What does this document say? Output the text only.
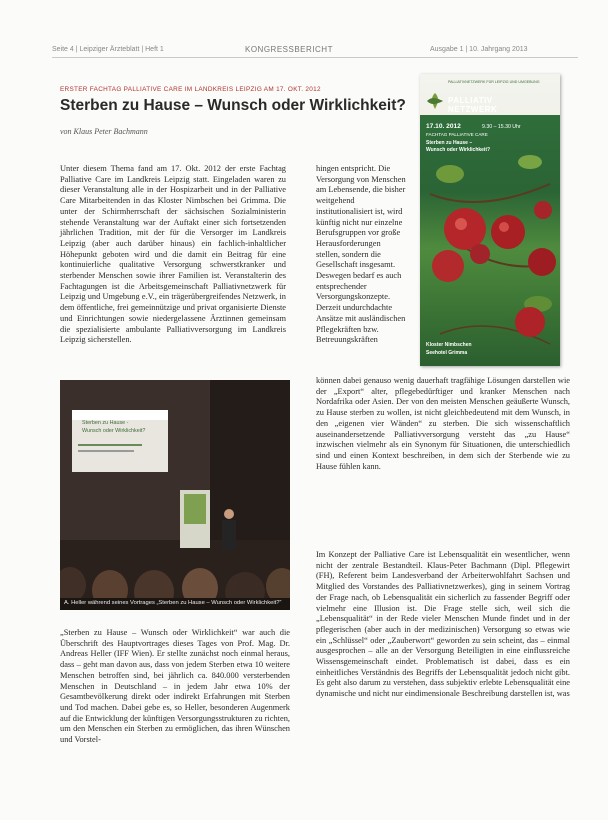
Seite 4 | Leipziger Ärzteblatt | Heft 1	KONGRESSBERICHT	Ausgabe 1 | 10. Jahrgang 2013
ERSTER FACHTAG PALLIATIVE CARE IM LANDKREIS LEIPZIG AM 17. OKT. 2012
Sterben zu Hause – Wunsch oder Wirklichkeit?
von Klaus Peter Bachmann

Unter diesem Thema fand am 17. Okt. 2012 der erste Fachtag Palliative Care im Landkreis Leipzig statt. Eingeladen waren zu dieser Veranstaltung alle in der Hospizarbeit und in der Palliative Care Mitarbeitenden in das Kloster Nimbschen bei Grimma. Die unter der Schirmherrschaft der sächsischen Sozialministerin stehende Veranstaltung war der Auftakt einer sich fortsetzenden jährlichen Tradition, mit der für die Versorger im Landkreis Leipzig (aber auch darüber hinaus) ein fachlich-inhaltlicher Höhepunkt geboten wird und die damit ein Beitrag für eine kontinuierliche qualitative Versorgung schwerstkranker und sterbender Menschen sowie ihrer Familien ist. Veranstalterin des Fachtagungen ist die Arbeitsgemeinschaft Palliativnetzwerk für Leipzig und Umgebung e.V., ein trägerübergreifendes Netzwerk, in dem öffentliche, frei gemeinnützige und privat organisierte Dienste und Einrichtungen sowie niedergelassene Ärztinnen gemeinsam die spezialisierte ambulante Palliativversorgung im Landkreis Leipzig sicherstellen.

hingen entspricht. Die Versorgung von Menschen am Lebensende, die bisher weitgehend institutionalisiert ist, wird künftig nicht nur einzelne Berufsgruppen vor große Herausforderungen stellen, sondern die Gesellschaft insgesamt. Deswegen bedarf es auch entsprechender Versorgungskonzepte. Derzeit undurchdachte Ansätze mit ausländischen Pflegekräften bzw. Betreuungskräften

PALLIATIVNETZWERK FÜR LEIPZIG UND UMGEBUNG
PALLIATIV
NETZWERK
17.10. 2012	9.30 – 15.30 Uhr
FACHTAG PALLIATIVE CARE
Sterben zu Hause –
Wunsch oder Wirklichkeit?
Kloster Nimbschen
Seehotel Grimma

können dabei genauso wenig dauerhaft tragfähige Lösungen darstellen wie der „Export“ alter, pflegebedürftiger und kranker Menschen nach Nordafrika oder Asien. Der von den meisten Menschen geäußerte Wunsch, zu Hause sterben zu wollen, ist nicht gleichbedeutend mit dem Wunsch, in den „eigenen vier Wänden“ zu sterben. Die sich wissenschaftlich auseinandersetzende Palliativversorgung versteht das „zu Hause“ inzwischen vielmehr als ein Synonym für Situationen, die unterschiedlich sind und einen Kontext beschreiben, in dem sich der Sterbende wie zu Hause fühlen kann.

Im Konzept der Palliative Care ist Lebensqualität ein wesentlicher, wenn nicht der zentrale Bestandteil. Klaus-Peter Bachmann (Dipl. Pflegewirt (FH), Referent beim Landesverband der Arbeiterwohlfahrt Sachsen und Mitglied des Vorstandes des Palliativnetzwerkes), ging in seinem Vortrag der Frage nach, ob Lebensqualität ein sicherlich zu fassender Begriff oder vielmehr eine Illusion ist. Die Frage stelle sich, weil sich die „Lebensqualität“ in der Rede vieler Menschen Munde findet und in der pflegerischen (aber auch in der medizinischen) Versorgung so etwas wie ein „Schlüssel“ oder „Zauberwort“ geworden zu sein scheint, das – einmal ausgesprochen – alle an der Versorgung Beteiligten in eine einflussreiche Wissensgemeinschaft eindet. Problematisch ist dabei, dass es ein einheitliches Verständnis des Begriffs der Lebensqualität jedoch nicht gibt. Es geht also darum zu verstehen, dass subjektiv erlebte Lebensqualität eine dynamische und nicht nur eindimensionale Beschreibung darstellen ist, was

Sterben zu Hause -
Wunsch oder Wirklichkeit?
A. Heller während seines Vortrages „Sterben zu Hause – Wunsch oder Wirklichkeit?“

„Sterben zu Hause – Wunsch oder Wirklichkeit“ war auch die Überschrift des Hauptvortrages dieses Tages von Prof. Mag. Dr. Andreas Heller (IFF Wien). Er stellte zunächst noch einmal heraus, dass – geht man davon aus, dass von jedem Sterben etwa 10 weitere Menschen betroffen sind, bei jährlich ca. 840.000 versterbenden Menschen in Deutschland – in jedem Jahr etwa 10% der Gesamtbevölkerung direkt oder indirekt Erfahrungen mit Sterben und Tod machen. Dabei gebe es, so Heller, besonderen Augenmerk auf die Entwicklung der künftigen Versorgungsstrukturen zu richten, um den Menschen ein Sterben zu ermöglichen, das ihren Wünschen und Vorstel-
